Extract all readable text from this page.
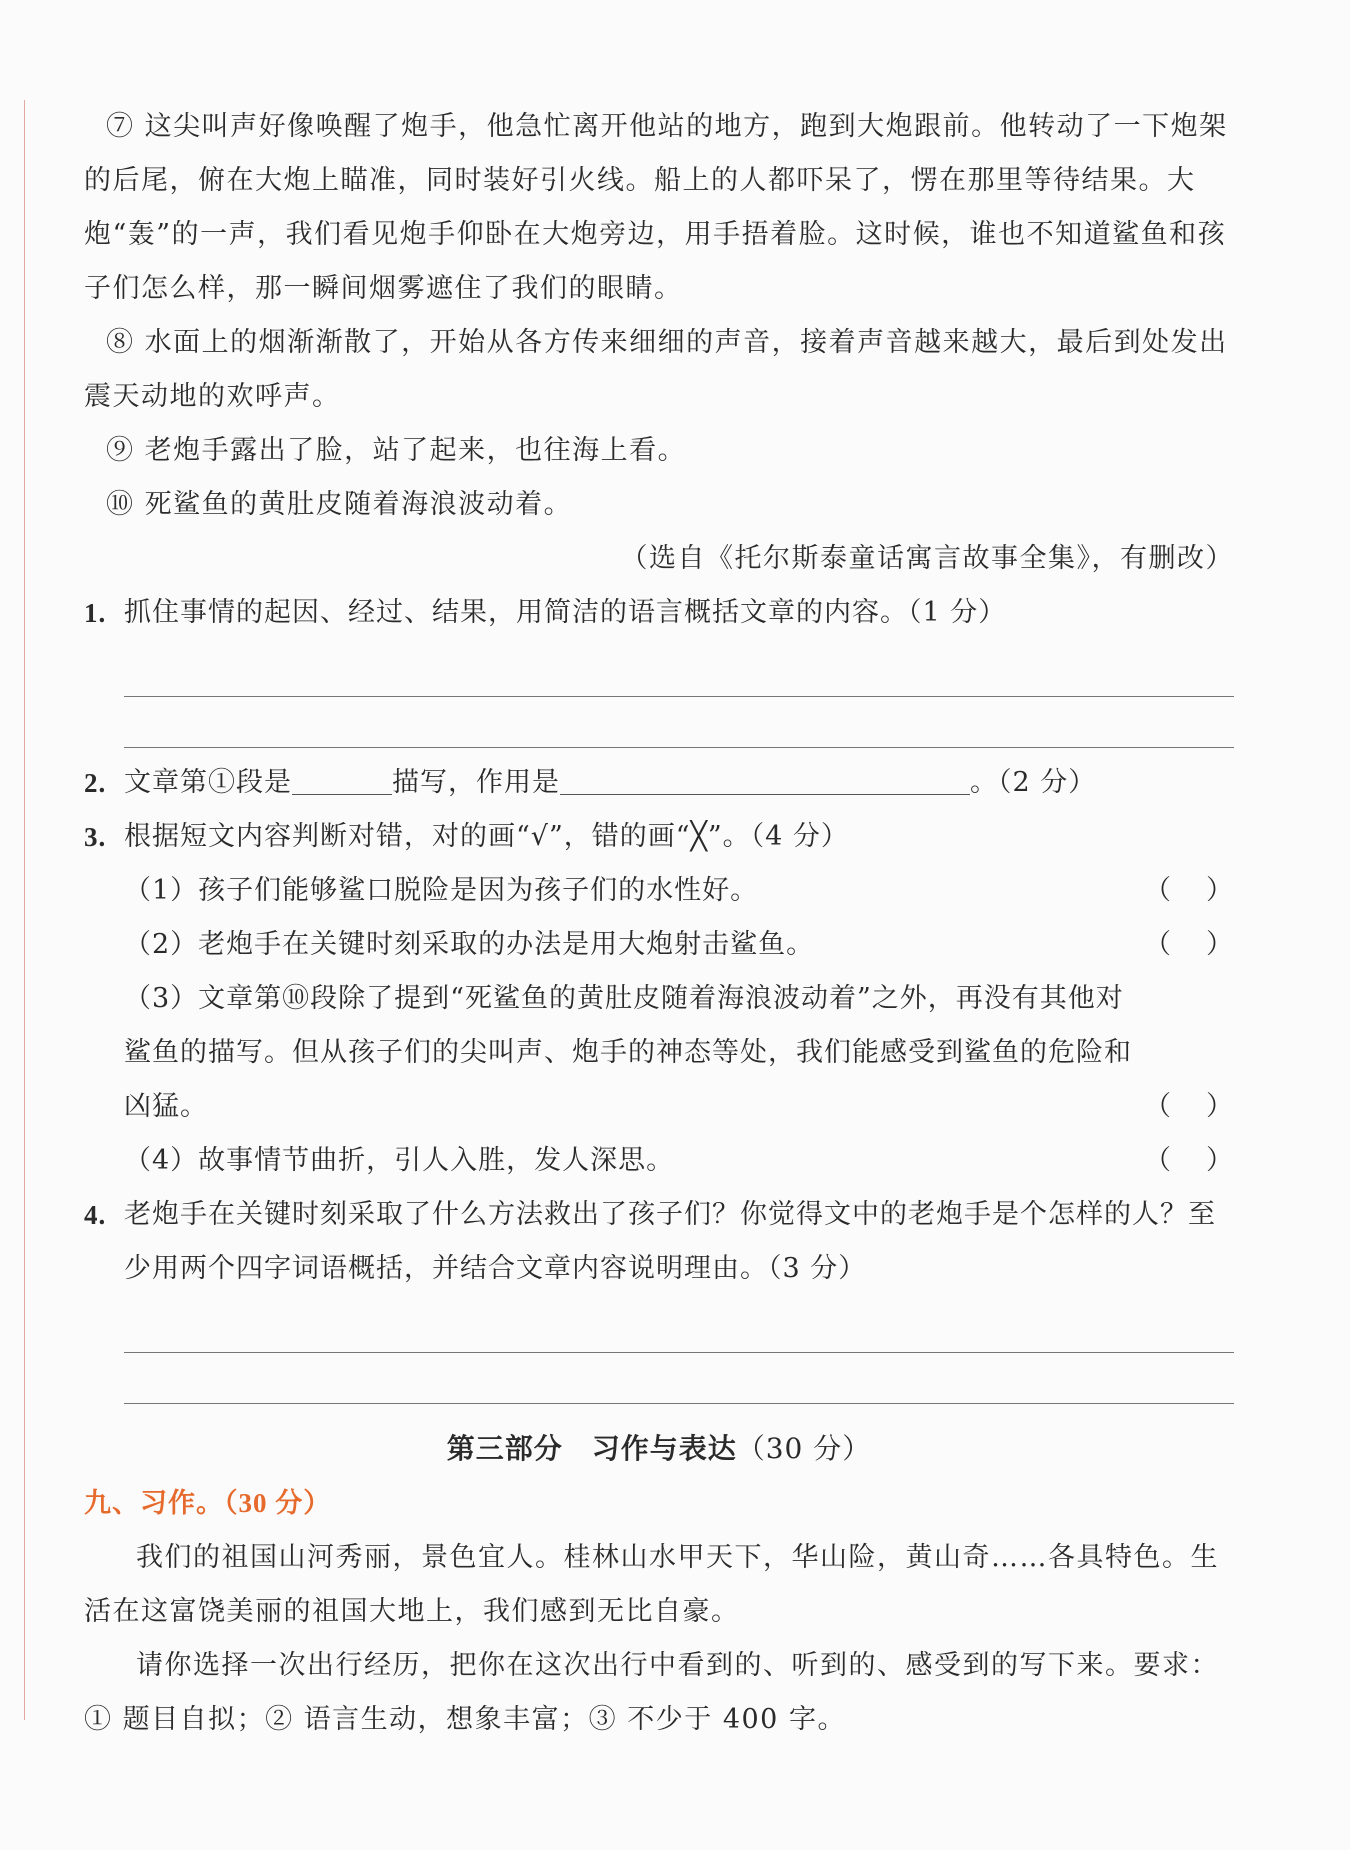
⑦ 这尖叫声好像唤醒了炮手，他急忙离开他站的地方，跑到大炮跟前。他转动了一下炮架的后尾，俯在大炮上瞄准，同时装好引火线。船上的人都吓呆了，愣在那里等待结果。大炮“轰”的一声，我们看见炮手仰卧在大炮旁边，用手捂着脸。这时候，谁也不知道鲨鱼和孩子们怎么样，那一瞬间烟雾遮住了我们的眼睛。

⑧ 水面上的烟渐渐散了，开始从各方传来细细的声音，接着声音越来越大，最后到处发出震天动地的欢呼声。

⑨ 老炮手露出了脸，站了起来，也往海上看。

⑩ 死鲨鱼的黄肚皮随着海浪波动着。

（选自《托尔斯泰童话寓言故事全集》，有删改）

1. 抓住事情的起因、经过、结果，用简洁的语言概括文章的内容。（1 分）
2. 文章第①段是	描写，作用是	。（2 分）
3. 根据短文内容判断对错，对的画“√”，错的画“╳”。（4 分）
（1）孩子们能够鲨口脱险是因为孩子们的水性好。	（ ）
（2）老炮手在关键时刻采取的办法是用大炮射击鲨鱼。	（ ）
（3）文章第⑩段除了提到“死鲨鱼的黄肚皮随着海浪波动着”之外，再没有其他对鲨鱼的描写。但从孩子们的尖叫声、炮手的神态等处，我们能感受到鲨鱼的危险和凶猛。	（ ）
（4）故事情节曲折，引人入胜，发人深思。	（ ）
4. 老炮手在关键时刻采取了什么方法救出了孩子们？你觉得文中的老炮手是个怎样的人？至少用两个四字词语概括，并结合文章内容说明理由。（3 分）
第三部分　习作与表达（30 分）

九、习作。（30 分）

我们的祖国山河秀丽，景色宜人。桂林山水甲天下，华山险，黄山奇……各具特色。生活在这富饶美丽的祖国大地上，我们感到无比自豪。

请你选择一次出行经历，把你在这次出行中看到的、听到的、感受到的写下来。要求：① 题目自拟；② 语言生动，想象丰富；③ 不少于 400 字。
